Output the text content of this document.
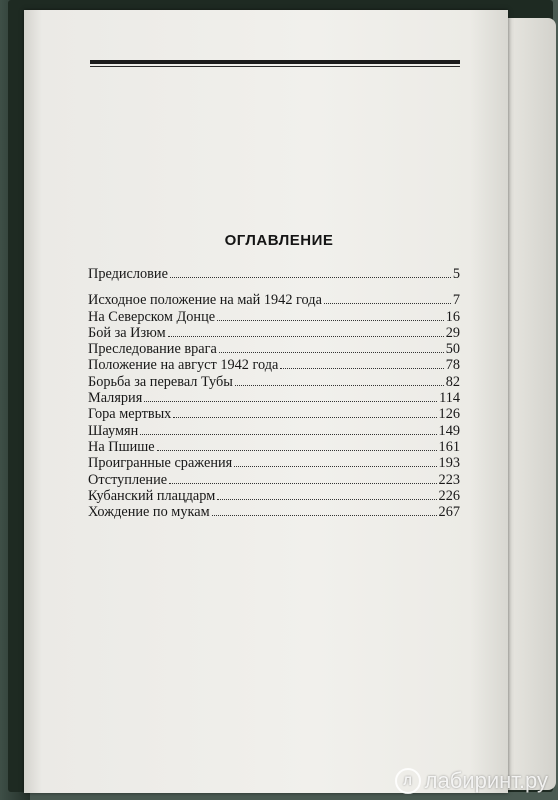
ОГЛАВЛЕНИЕ
Предисловие	5
Исходное положение на май 1942 года	7
На Северском Донце	16
Бой за Изюм	29
Преследование врага	50
Положение на август 1942 года	78
Борьба за перевал Тубы	82
Малярия	114
Гора мертвых	126
Шаумян	149
На Пшише	161
Проигранные сражения	193
Отступление	223
Кубанский плацдарм	226
Хождение по мукам	267
Л лабиринт.ру
